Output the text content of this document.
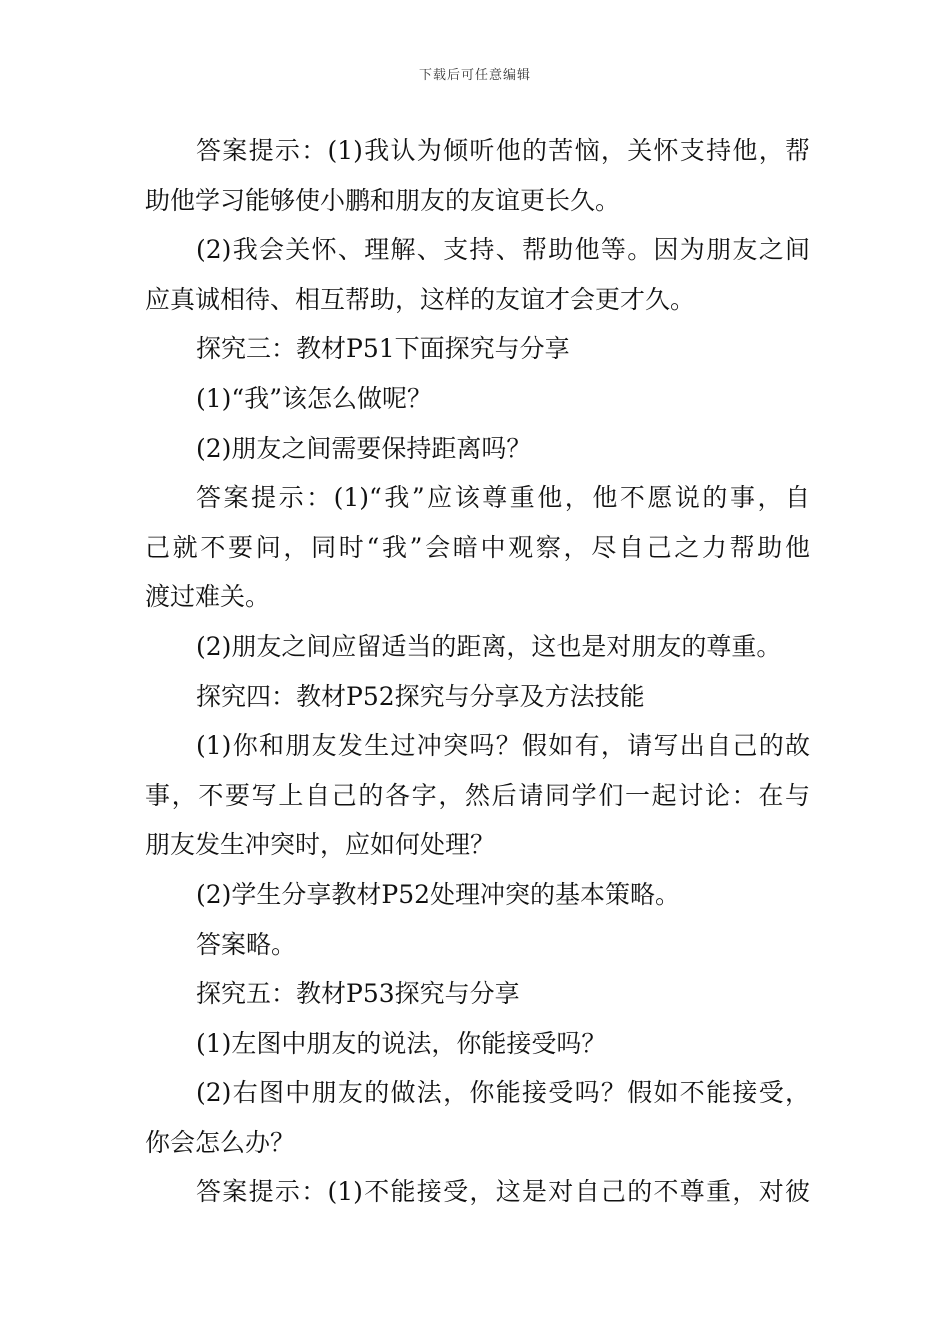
下载后可任意编辑
答案提示：(1)我认为倾听他的苦恼，关怀支持他，帮
助他学习能够使小鹏和朋友的友谊更长久。
(2)我会关怀、理解、支持、帮助他等。因为朋友之间
应真诚相待、相互帮助，这样的友谊才会更才久。
探究三：教材P51下面探究与分享
(1)“我”该怎么做呢？
(2)朋友之间需要保持距离吗？
答案提示：(1)“我”应该尊重他，他不愿说的事，自
己就不要问，同时“我”会暗中观察，尽自己之力帮助他
渡过难关。
(2)朋友之间应留适当的距离，这也是对朋友的尊重。
探究四：教材P52探究与分享及方法技能
(1)你和朋友发生过冲突吗？假如有，请写出自己的故
事，不要写上自己的各字，然后请同学们一起讨论：在与
朋友发生冲突时，应如何处理？
(2)学生分享教材P52处理冲突的基本策略。
答案略。
探究五：教材P53探究与分享
(1)左图中朋友的说法，你能接受吗？
(2)右图中朋友的做法，你能接受吗？假如不能接受，
你会怎么办？
答案提示：(1)不能接受，这是对自己的不尊重，对彼
